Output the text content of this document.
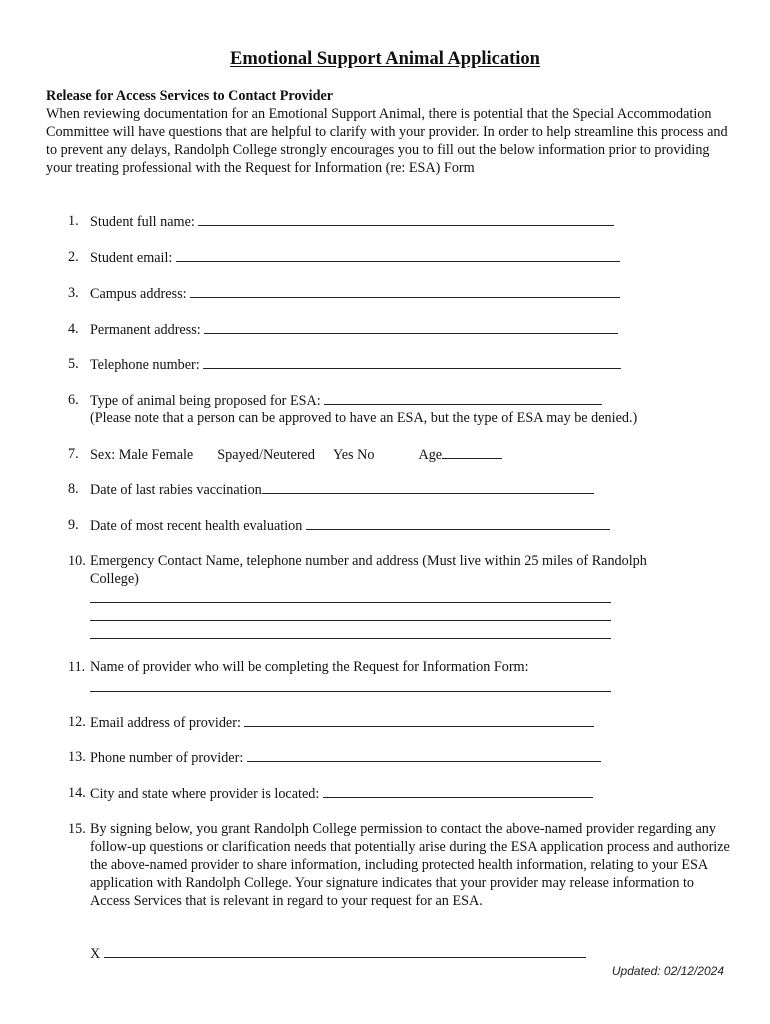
Emotional Support Animal Application
Release for Access Services to Contact Provider
When reviewing documentation for an Emotional Support Animal, there is potential that the Special Accommodation Committee will have questions that are helpful to clarify with your provider. In order to help streamline this process and to prevent any delays, Randolph College strongly encourages you to fill out the below information prior to providing your treating professional with the Request for Information (re: ESA) Form
1. Student full name:
2. Student email:
3. Campus address:
4. Permanent address:
5. Telephone number:
6. Type of animal being proposed for ESA:
(Please note that a person can be approved to have an ESA, but the type of ESA may be denied.)
7. Sex: Male Female Spayed/Neutered Yes No	Age
8. Date of last rabies vaccination
9. Date of most recent health evaluation
10. Emergency Contact Name, telephone number and address (Must live within 25 miles of Randolph College)
11. Name of provider who will be completing the Request for Information Form:
12. Email address of provider:
13. Phone number of provider:
14. City and state where provider is located:
15. By signing below, you grant Randolph College permission to contact the above-named provider regarding any follow-up questions or clarification needs that potentially arise during the ESA application process and authorize the above-named provider to share information, including protected health information, relating to your ESA application with Randolph College. Your signature indicates that your provider may release information to Access Services that is relevant in regard to your request for an ESA.
X
Updated: 02/12/2024
